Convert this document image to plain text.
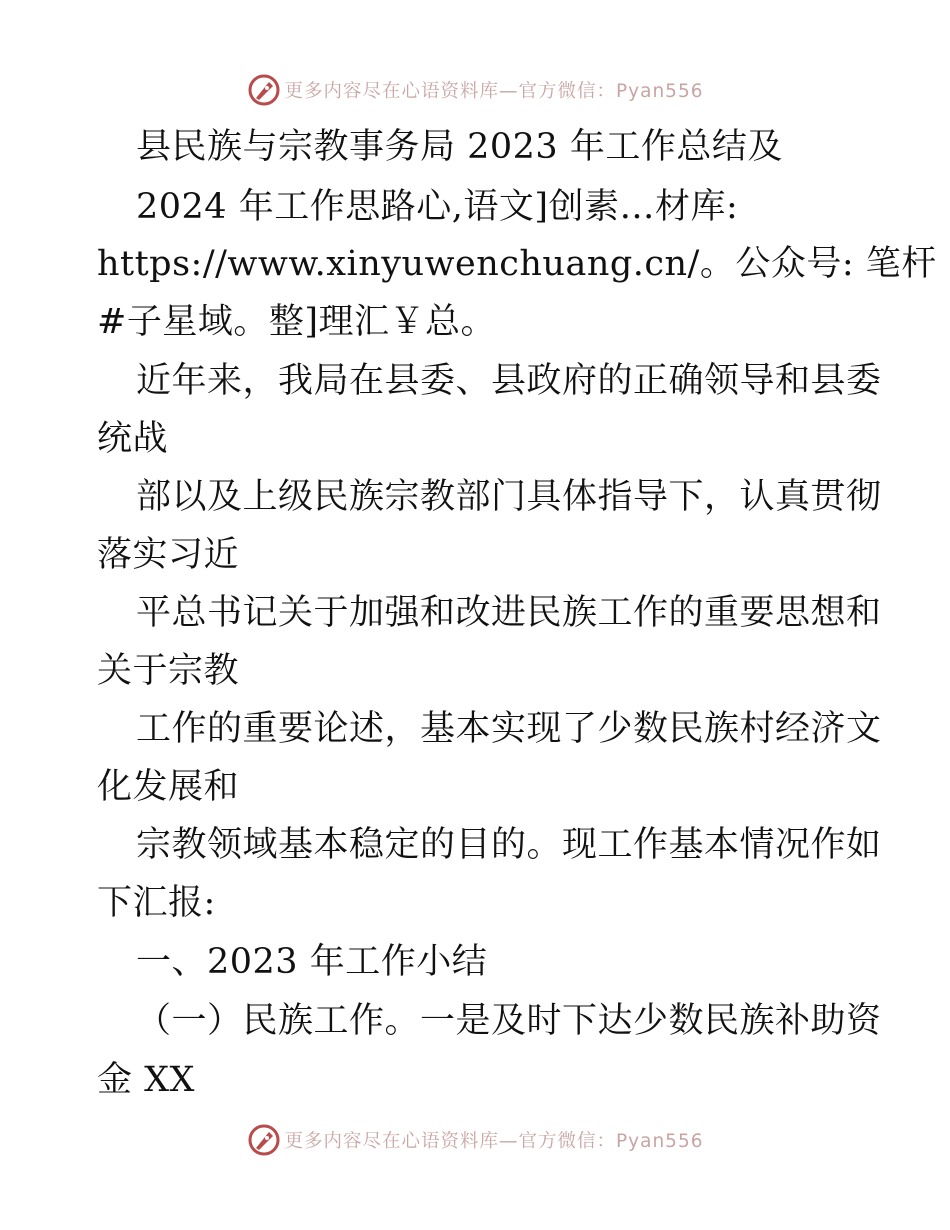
更多内容尽在心语资料库—官方微信：Pyan556
县民族与宗教事务局 2023 年工作总结及
2024 年工作思路心,语文]创素…材库:
https://www.xinyuwenchuang.cn/。公众号: 笔杆
#子星域。整]理汇￥总。
近年来，我局在县委、县政府的正确领导和县委
统战
部以及上级民族宗教部门具体指导下，认真贯彻
落实习近
平总书记关于加强和改进民族工作的重要思想和
关于宗教
工作的重要论述，基本实现了少数民族村经济文
化发展和
宗教领域基本稳定的目的。现工作基本情况作如
下汇报:
一、2023 年工作小结
（一）民族工作。一是及时下达少数民族补助资
金 XX
更多内容尽在心语资料库—官方微信：Pyan556
